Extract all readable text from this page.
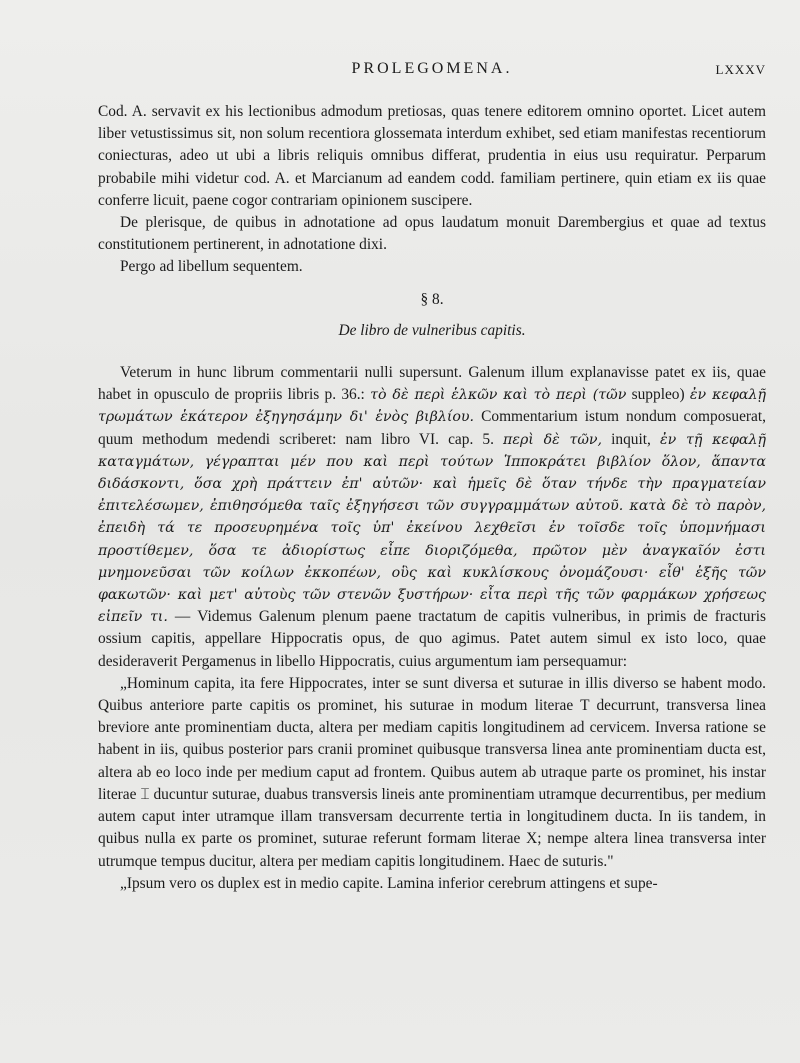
PROLEGOMENA.	LXXXV

Cod. A. servavit ex his lectionibus admodum pretiosas, quas tenere editorem omnino oportet. Licet autem liber vetustissimus sit, non solum recentiora glossemata interdum exhibet, sed etiam manifestas recentiorum coniecturas, adeo ut ubi a libris reliquis omnibus differat, prudentia in eius usu requiratur. Perparum probabile mihi videtur cod. A. et Marcianum ad eandem codd. familiam pertinere, quin etiam ex iis quae conferre licuit, paene cogor contrariam opinionem suscipere.

De plerisque, de quibus in adnotatione ad opus laudatum monuit Darembergius et quae ad textus constitutionem pertinerent, in adnotatione dixi.

Pergo ad libellum sequentem.

§ 8.
De libro de vulneribus capitis.

Veterum in hunc librum commentarii nulli supersunt. Galenum illum explanavisse patet ex iis, quae habet in opusculo de propriis libris p. 36.: τὸ δὲ περὶ ἑλκῶν καὶ τὸ περὶ (τῶν suppleo) ἐν κεφαλῇ τρωμάτων ἑκάτερον ἐξηγησάμην δι' ἑνὸς βιβλίου. Commentarium istum nondum composuerat, quum methodum medendi scriberet: nam libro VI. cap. 5. περὶ δὲ τῶν, inquit, ἐν τῇ κεφαλῇ καταγμάτων, γέγραπται μέν που καὶ περὶ τούτων Ἱπποκράτει βιβλίον ὅλον, ἅπαντα διδάσκοντι, ὅσα χρὴ πράττειν ἐπ' αὐτῶν· καὶ ἡμεῖς δὲ ὅταν τήνδε τὴν πραγματείαν ἐπιτελέσωμεν, ἐπιθησόμεθα ταῖς ἐξηγήσεσι τῶν συγγραμμάτων αὐτοῦ. κατὰ δὲ τὸ παρὸν, ἐπειδὴ τά τε προσευρημένα τοῖς ὑπ' ἐκείνου λεχθεῖσι ἐν τοῖσδε τοῖς ὑπομνήμασι προστίθεμεν, ὅσα τε ἀδιορίστως εἶπε διοριζόμεθα, πρῶτον μὲν ἀναγκαῖόν ἐστι μνημονεῦσαι τῶν κοίλων ἐκκοπέων, οὓς καὶ κυκλίσκους ὀνομάζουσι· εἶθ' ἑξῆς τῶν φακωτῶν· καὶ μετ' αὐτοὺς τῶν στενῶν ξυστήρων· εἶτα περὶ τῆς τῶν φαρμάκων χρήσεως εἰπεῖν τι. — Videmus Galenum plenum paene tractatum de capitis vulneribus, in primis de fracturis ossium capitis, appellare Hippocratis opus, de quo agimus. Patet autem simul ex isto loco, quae desideraverit Pergamenus in libello Hippocratis, cuius argumentum iam persequamur:

„Hominum capita, ita fere Hippocrates, inter se sunt diversa et suturae in illis diverso se habent modo. Quibus anteriore parte capitis os prominet, his suturae in modum literae T decurrunt, transversa linea breviore ante prominentiam ducta, altera per mediam capitis longitudinem ad cervicem. Inversa ratione se habent in iis, quibus posterior pars cranii prominet quibusque transversa linea ante prominentiam ducta est, altera ab eo loco inde per medium caput ad frontem. Quibus autem ab utraque parte os prominet, his instar literae ⌶ ducuntur suturae, duabus transversis lineis ante prominentiam utramque decurrentibus, per medium autem caput inter utramque illam transversam decurrente tertia in longitudinem ducta. In iis tandem, in quibus nulla ex parte os prominet, suturae referunt formam literae X; nempe altera linea transversa inter utrumque tempus ducitur, altera per mediam capitis longitudinem. Haec de suturis."

„Ipsum vero os duplex est in medio capite. Lamina inferior cerebrum attingens et supe-
